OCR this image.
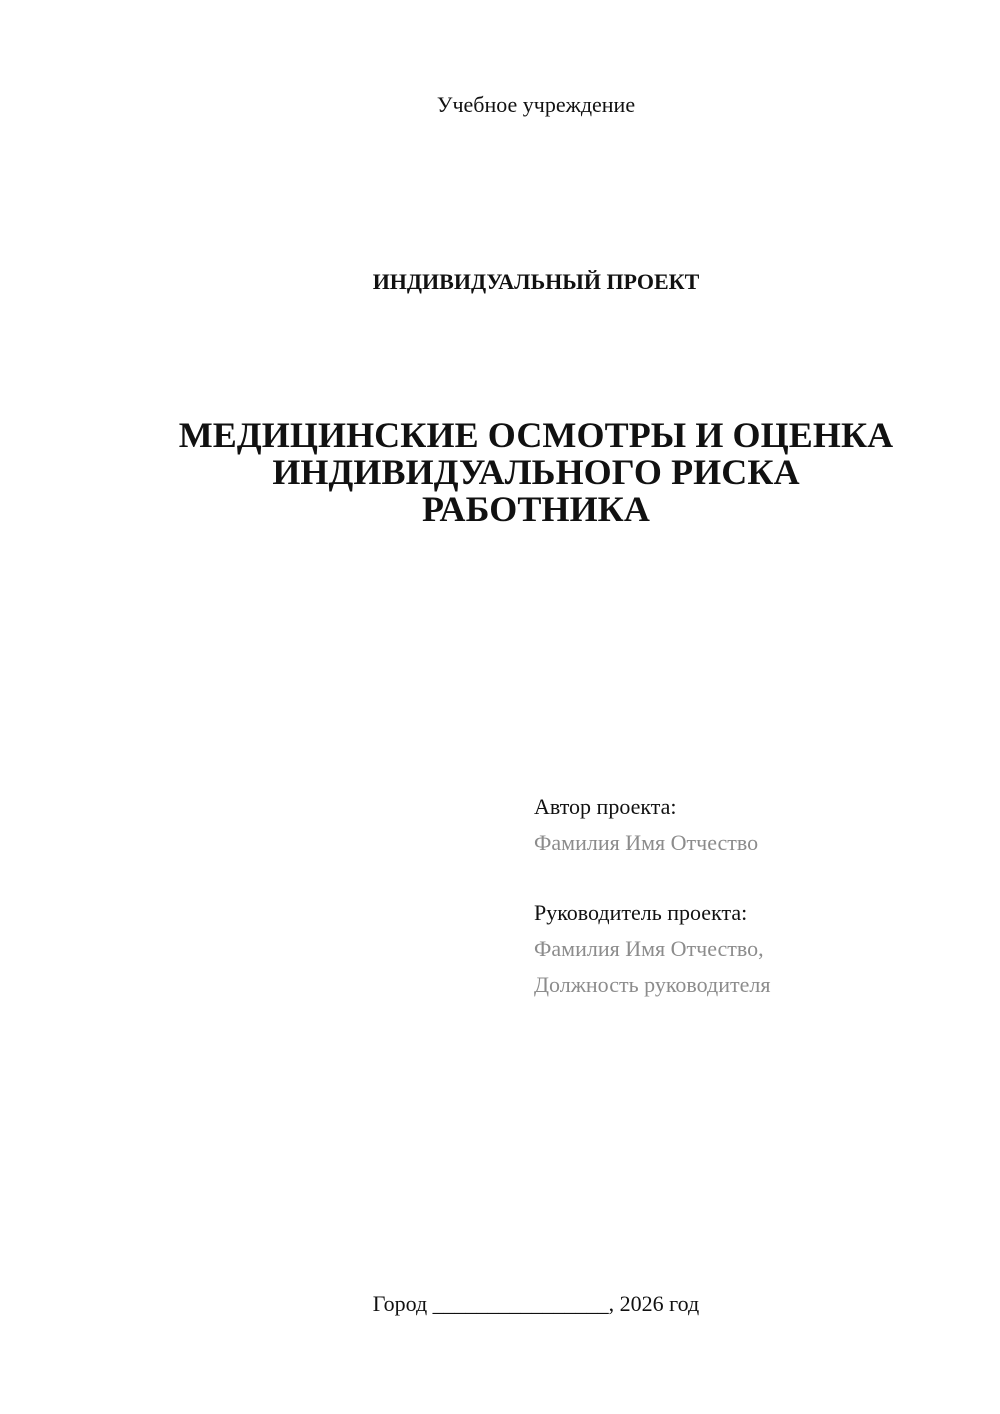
Учебное учреждение
ИНДИВИДУАЛЬНЫЙ ПРОЕКТ
МЕДИЦИНСКИЕ ОСМОТРЫ И ОЦЕНКА
ИНДИВИДУАЛЬНОГО РИСКА
РАБОТНИКА
Автор проекта:
Фамилия Имя Отчество
Руководитель проекта:
Фамилия Имя Отчество,
Должность руководителя
Город ________________, 2026 год
